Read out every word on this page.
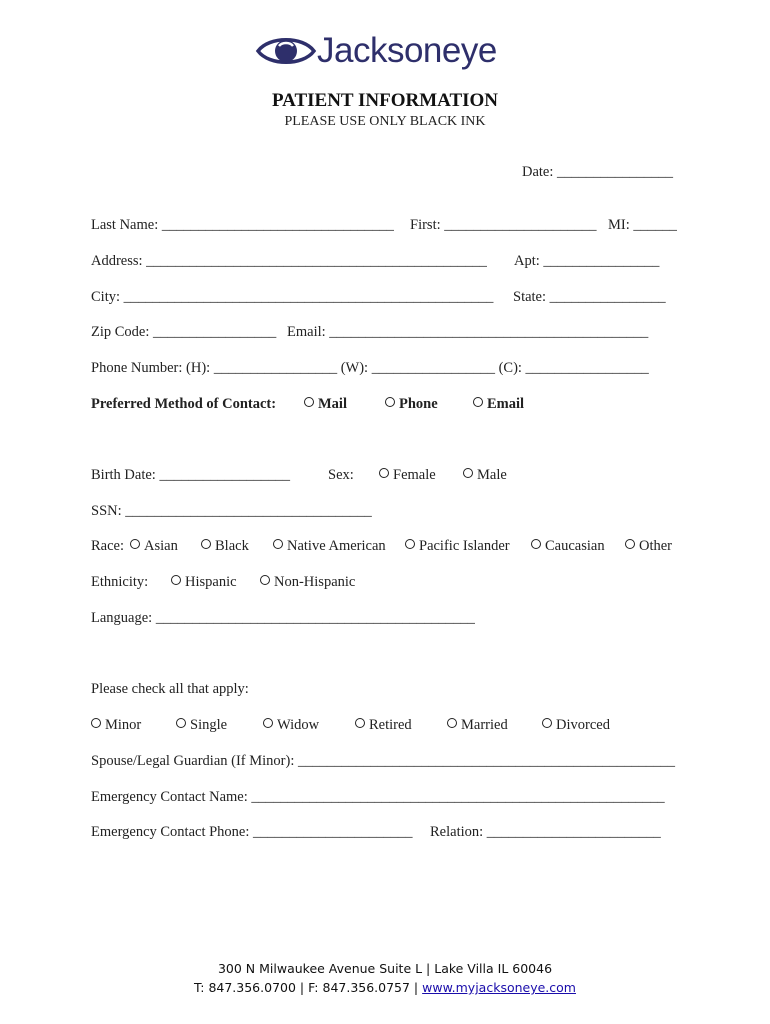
Jacksoneye
PATIENT INFORMATION
PLEASE USE ONLY BLACK INK
Date: ________________
Last Name: ________________________________ First: _____________________ MI: ______
Address: _______________________________________________ Apt: ________________
City: ___________________________________________________ State: ________________
Zip Code: _________________ Email: ____________________________________________
Phone Number: (H): _________________ (W): _________________ (C): _________________
Preferred Method of Contact:	Mail	Phone	Email
Birth Date: __________________	Sex:	Female	Male
SSN: __________________________________
Race:	Asian	Black	Native American	Pacific Islander	Caucasian	Other
Ethnicity:	Hispanic	Non-Hispanic
Language: ____________________________________________
Please check all that apply:
Minor	Single	Widow	Retired	Married	Divorced
Spouse/Legal Guardian (If Minor): ____________________________________________________
Emergency Contact Name: _________________________________________________________
Emergency Contact Phone: ______________________ Relation: ________________________
300 N Milwaukee Avenue Suite L | Lake Villa IL 60046
T: 847.356.0700 | F: 847.356.0757 | www.myjacksoneye.com
